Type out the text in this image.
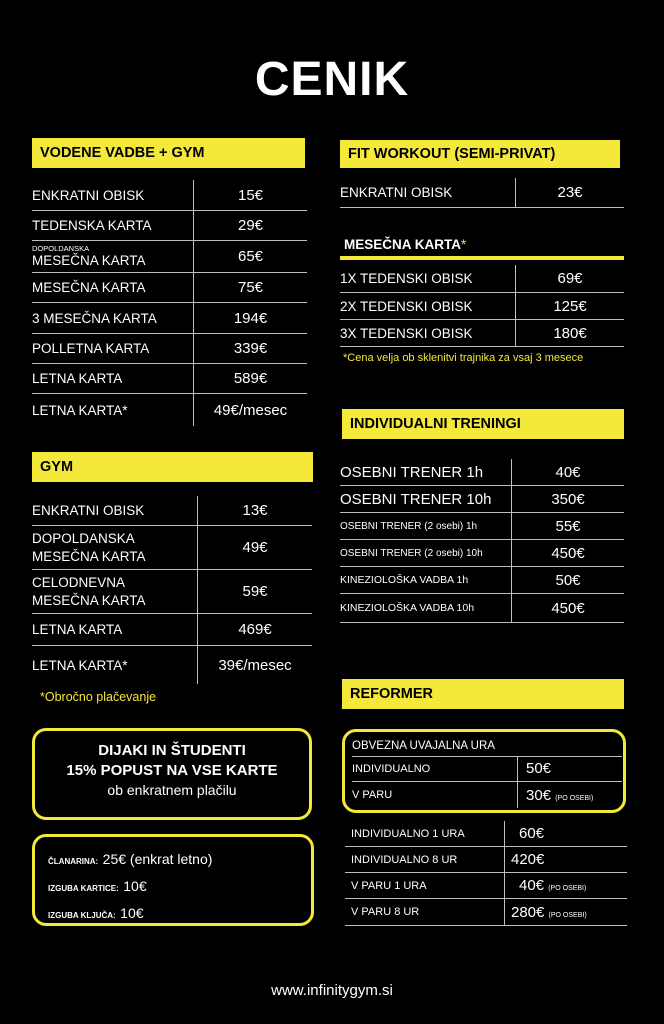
CENIK
VODENE VADBE + GYM
ENKRATNI OBISK	15€
TEDENSKA KARTA	29€
DOPOLDANSKA
MESEČNA KARTA	65€
MESEČNA KARTA	75€
3 MESEČNA KARTA	194€
POLLETNA KARTA	339€
LETNA KARTA	589€
LETNA KARTA*	49€/mesec
GYM
ENKRATNI OBISK	13€
DOPOLDANSKA
MESEČNA KARTA	49€
CELODNEVNA
MESEČNA KARTA	59€
LETNA KARTA	469€
LETNA KARTA*	39€/mesec
*Obročno plačevanje
DIJAKI IN ŠTUDENTI
15% POPUST NA VSE KARTE
ob enkratnem plačilu
ČLANARINA: 25€ (enkrat letno)
IZGUBA KARTICE: 10€
IZGUBA KLJUČA: 10€
FIT WORKOUT (SEMI-PRIVAT)
ENKRATNI OBISK	23€
MESEČNA KARTA*
1X TEDENSKI OBISK	69€
2X TEDENSKI OBISK	125€
3X TEDENSKI OBISK	180€
*Cena velja ob sklenitvi trajnika za vsaj 3 mesece
INDIVIDUALNI TRENINGI
OSEBNI TRENER 1h	40€
OSEBNI TRENER 10h	350€
OSEBNI TRENER (2 osebi) 1h	55€
OSEBNI TRENER (2 osebi) 10h	450€
KINEZIOLOŠKA VADBA 1h	50€
KINEZIOLOŠKA VADBA 10h	450€
REFORMER
OBVEZNA UVAJALNA URA
INDIVIDUALNO	50€
V PARU	30€ (PO OSEBI)
INDIVIDUALNO 1 URA	60€
INDIVIDUALNO 8 UR	420€
V PARU 1 URA	40€ (PO OSEBI)
V PARU 8 UR	280€ (PO OSEBI)
www.infinitygym.si
